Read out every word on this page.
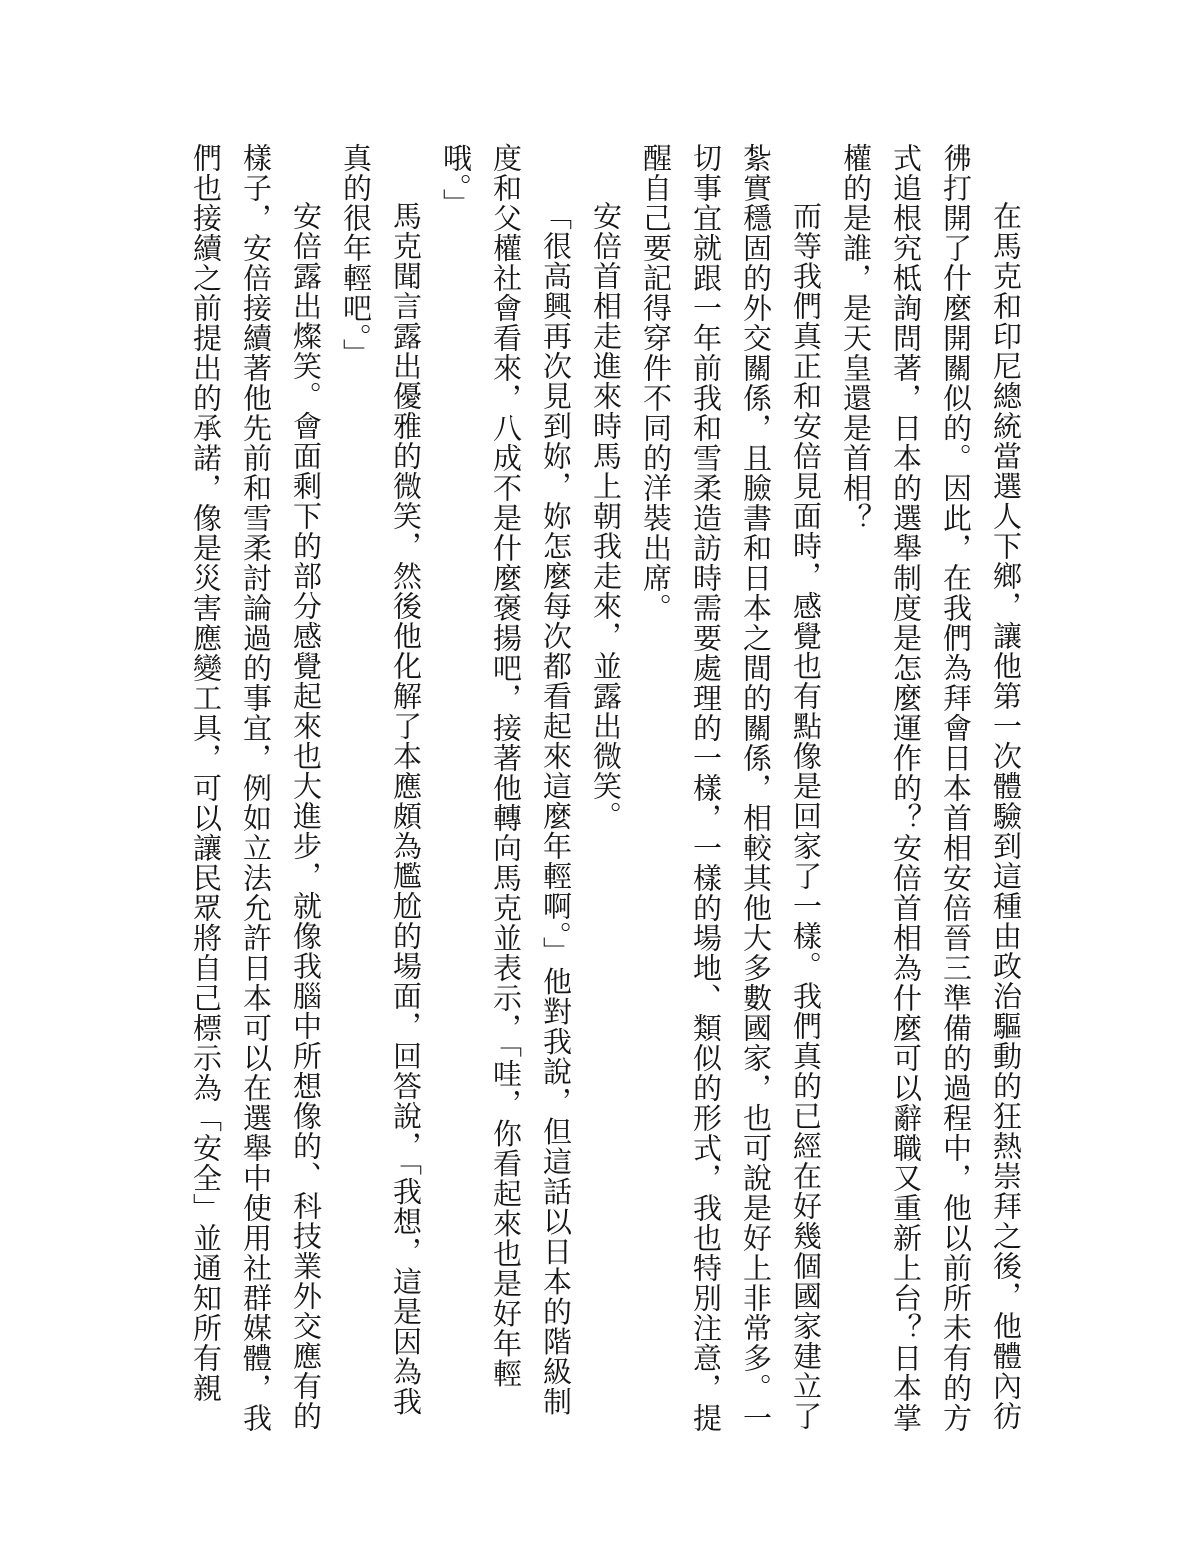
在馬克和印尼總統當選人下鄉，讓他第一次體驗到這種由政治驅動的狂熱崇拜之後，他體內彷彿打開了什麼開關似的。因此，在我們為拜會日本首相安倍晉三準備的過程中，他以前所未有的方式追根究柢詢問著，日本的選舉制度是怎麼運作的？安倍首相為什麼可以辭職又重新上台？日本掌權的是誰，是天皇還是首相？

而等我們真正和安倍見面時，感覺也有點像是回家了一樣。我們真的已經在好幾個國家建立了紮實穩固的外交關係，且臉書和日本之間的關係，相較其他大多數國家，也可說是好上非常多。一切事宜就跟一年前我和雪柔造訪時需要處理的一樣，一樣的場地、類似的形式，我也特別注意，提醒自己要記得穿件不同的洋裝出席。

安倍首相走進來時馬上朝我走來，並露出微笑。

「很高興再次見到妳，妳怎麼每次都看起來這麼年輕啊。」他對我說，但這話以日本的階級制度和父權社會看來，八成不是什麼褒揚吧，接著他轉向馬克並表示，「哇，你看起來也是好年輕哦。」

馬克聞言露出優雅的微笑，然後他化解了本應頗為尷尬的場面，回答說，「我想，這是因為我真的很年輕吧。」

安倍露出燦笑。會面剩下的部分感覺起來也大進步，就像我腦中所想像的、科技業外交應有的樣子，安倍接續著他先前和雪柔討論過的事宜，例如立法允許日本可以在選舉中使用社群媒體，我們也接續之前提出的承諾，像是災害應變工具，可以讓民眾將自己標示為「安全」並通知所有親
